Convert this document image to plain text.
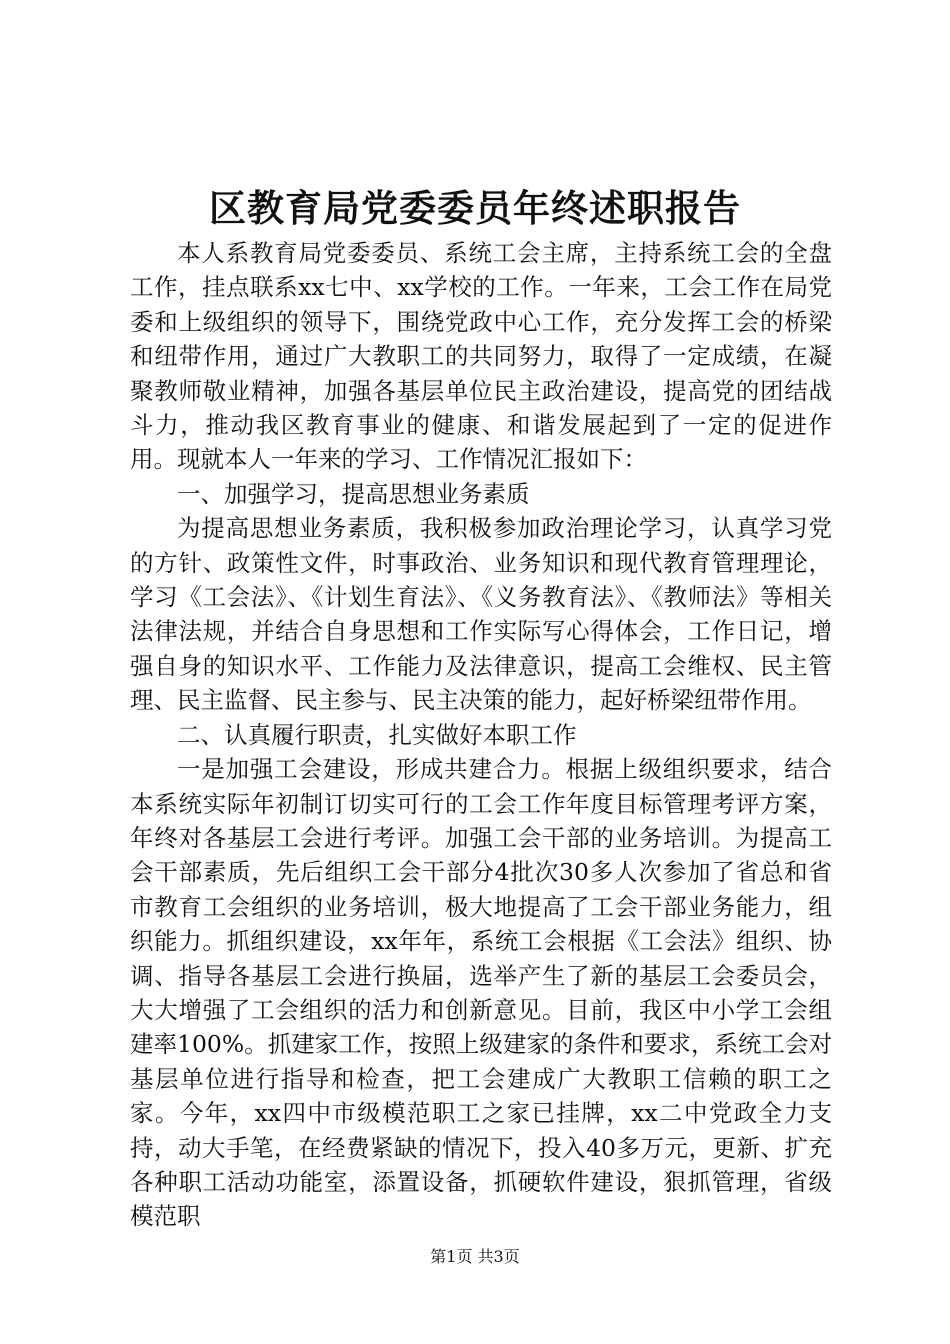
区教育局党委委员年终述职报告

本人系教育局党委委员、系统工会主席，主持系统工会的全盘工作，挂点联系xx七中、xx学校的工作。一年来，工会工作在局党委和上级组织的领导下，围绕党政中心工作，充分发挥工会的桥梁和纽带作用，通过广大教职工的共同努力，取得了一定成绩，在凝聚教师敬业精神，加强各基层单位民主政治建设，提高党的团结战斗力，推动我区教育事业的健康、和谐发展起到了一定的促进作用。现就本人一年来的学习、工作情况汇报如下：

一、加强学习，提高思想业务素质

为提高思想业务素质，我积极参加政治理论学习，认真学习党的方针、政策性文件，时事政治、业务知识和现代教育管理理论，学习《工会法》、《计划生育法》、《义务教育法》、《教师法》等相关法律法规，并结合自身思想和工作实际写心得体会，工作日记，增强自身的知识水平、工作能力及法律意识，提高工会维权、民主管理、民主监督、民主参与、民主决策的能力，起好桥梁纽带作用。

二、认真履行职责，扎实做好本职工作

一是加强工会建设，形成共建合力。根据上级组织要求，结合本系统实际年初制订切实可行的工会工作年度目标管理考评方案，年终对各基层工会进行考评。加强工会干部的业务培训。为提高工会干部素质，先后组织工会干部分4批次30多人次参加了省总和省市教育工会组织的业务培训，极大地提高了工会干部业务能力，组织能力。抓组织建设，xx年年，系统工会根据《工会法》组织、协调、指导各基层工会进行换届，选举产生了新的基层工会委员会，大大增强了工会组织的活力和创新意见。目前，我区中小学工会组建率100%。抓建家工作，按照上级建家的条件和要求，系统工会对基层单位进行指导和检查，把工会建成广大教职工信赖的职工之家。今年，xx四中市级模范职工之家已挂牌，xx二中党政全力支持，动大手笔，在经费紧缺的情况下，投入40多万元，更新、扩充各种职工活动功能室，添置设备，抓硬软件建设，狠抓管理，省级模范职

第1页 共3页
